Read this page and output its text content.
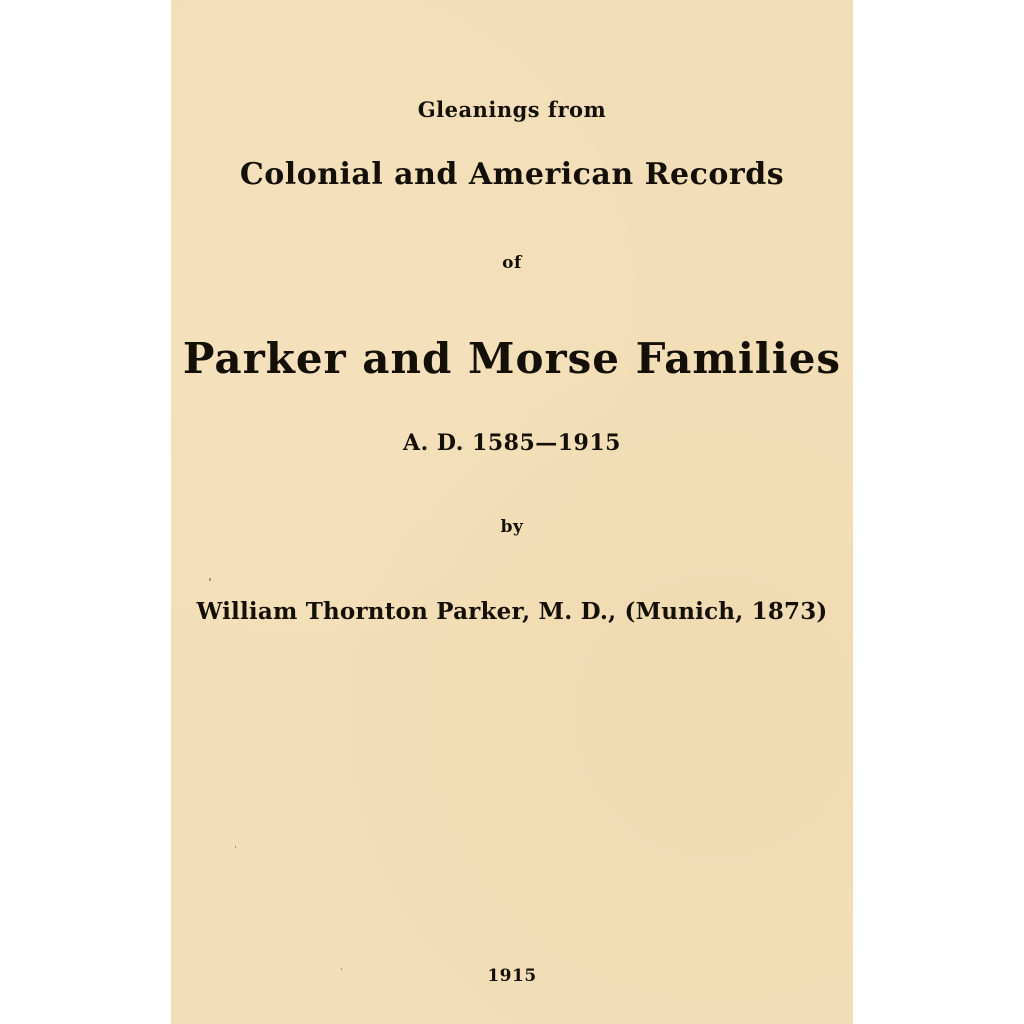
Gleanings from
Colonial and American Records
of
Parker and Morse Families
A. D. 1585—1915
by
William Thornton Parker, M. D., (Munich, 1873)
1915
